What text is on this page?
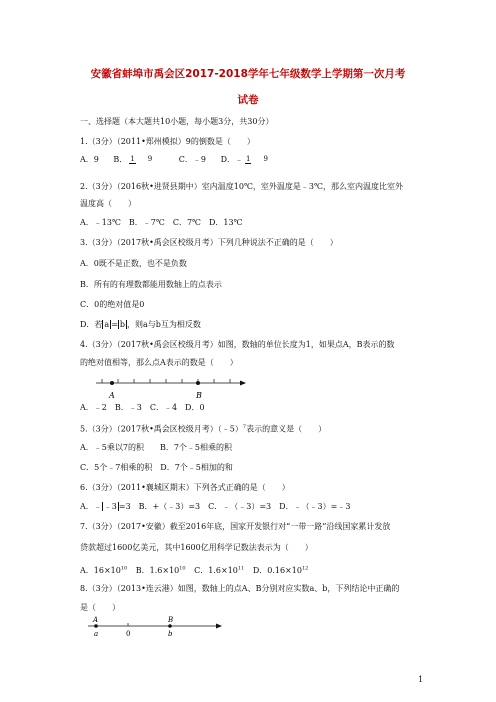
安徽省蚌埠市禹会区2017-2018学年七年级数学上学期第一次月考
试卷
一、选择题（本大题共10小题，每小题3分，共30分）
1.（3分）（2011•郑州模拟）9的倒数是（　　）
A．9 B． 1 9	C．﹣9 D．﹣ 1 9
2.（3分）（2016秋•进贤县期中）室内温度10℃，室外温度是﹣3℃，那么室内温度比室外
温度高（　　）
A．﹣13℃　B．﹣7℃　C．7℃　D．13℃
3.（3分）（2017秋•禹会区校级月考）下列几种说法不正确的是（　　）
A．0既不是正数，也不是负数
B．所有的有理数都能用数轴上的点表示
C．0的绝对值是0
D．若 a = b ，则a与b互为相反数
4.（3分）（2017秋•禹会区校级月考）如图，数轴的单位长度为1，如果点A，B表示的数
的绝对值相等，那么点A表示的数是（　　）
A	B
A．﹣2　B．﹣3　C．﹣4　D．0
5.（3分）（2017秋•禹会区校级月考）（﹣5）$^7$表示的意义是（　　）
A．﹣5乘以7的积　　B．7个﹣5相乘的积
C．5个﹣7相乘的积　D．7个﹣5相加的和
6.（3分）（2011•襄城区期末）下列各式正确的是（　　）
A．﹣ ﹣3 =3　B．+（﹣3）=3　C．﹣（﹣3）=3　D．﹣（﹣3）=﹣3
7.（3分）（2017•安徽）截至2016年底，国家开发银行对“一带一路”沿线国家累计发放
贷款超过1600亿美元，其中1600亿用科学记数法表示为（　　）
A．$16\times 10^{10}$ B．$1.6\times 10^{10}$ C．$1.6\times 10^{11}$ D．$0.16\times 10^{12}$
8.（3分）（2013•连云港）如图，数轴上的点A、B分别对应实数a、b，下列结论中正确的
是（　　）
A	B
a	0	b
1
